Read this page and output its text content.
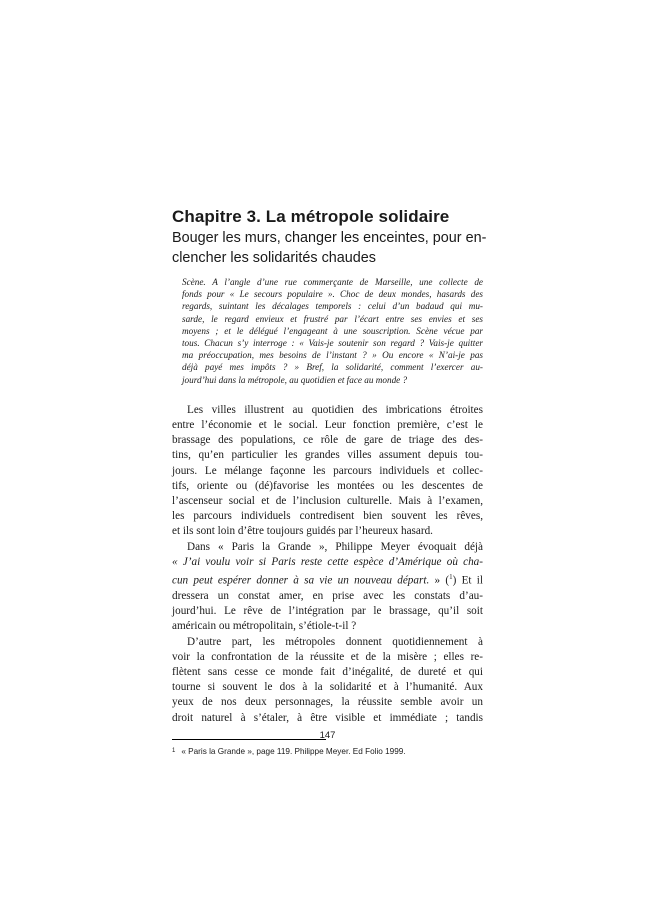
Chapitre 3. La métropole solidaire
Bouger les murs, changer les enceintes, pour en-
clencher les solidarités chaudes
Scène. A l’angle d’une rue commerçante de Marseille, une collecte de
fonds pour « Le secours populaire ». Choc de deux mondes, hasards des
regards, suintant les décalages temporels : celui d’un badaud qui mu-
sarde, le regard envieux et frustré par l’écart entre ses envies et ses
moyens ; et le délégué l’engageant à une souscription. Scène vécue par
tous. Chacun s’y interroge : « Vais-je soutenir son regard ? Vais-je quitter
ma préoccupation, mes besoins de l’instant ? » Ou encore « N’ai-je pas
déjà payé mes impôts ? » Bref, la solidarité, comment l’exercer au-
jourd’hui dans la métropole, au quotidien et face au monde ?
Les villes illustrent au quotidien des imbrications étroites
entre l’économie et le social. Leur fonction première, c’est le
brassage des populations, ce rôle de gare de triage des des-
tins, qu’en particulier les grandes villes assument depuis tou-
jours. Le mélange façonne les parcours individuels et collec-
tifs, oriente ou (dé)favorise les montées ou les descentes de
l’ascenseur social et de l’inclusion culturelle. Mais à l’examen,
les parcours individuels contredisent bien souvent les rêves,
et ils sont loin d’être toujours guidés par l’heureux hasard.
Dans « Paris la Grande », Philippe Meyer évoquait déjà
« J’ai voulu voir si Paris reste cette espèce d’Amérique où cha-
cun peut espérer donner à sa vie un nouveau départ. » ($^1$) Et il
dressera un constat amer, en prise avec les constats d’au-
jourd’hui. Le rêve de l’intégration par le brassage, qu’il soit
américain ou métropolitain, s’étiole-t-il ?
D’autre part, les métropoles donnent quotidiennement à
voir la confrontation de la réussite et de la misère ; elles re-
flètent sans cesse ce monde fait d’inégalité, de dureté et qui
tourne si souvent le dos à la solidarité et à l’humanité. Aux
yeux de nos deux personnages, la réussite semble avoir un
droit naturel à s’étaler, à être visible et immédiate ; tandis
$^1$ « Paris la Grande », page 119. Philippe Meyer. Ed Folio 1999.
147
